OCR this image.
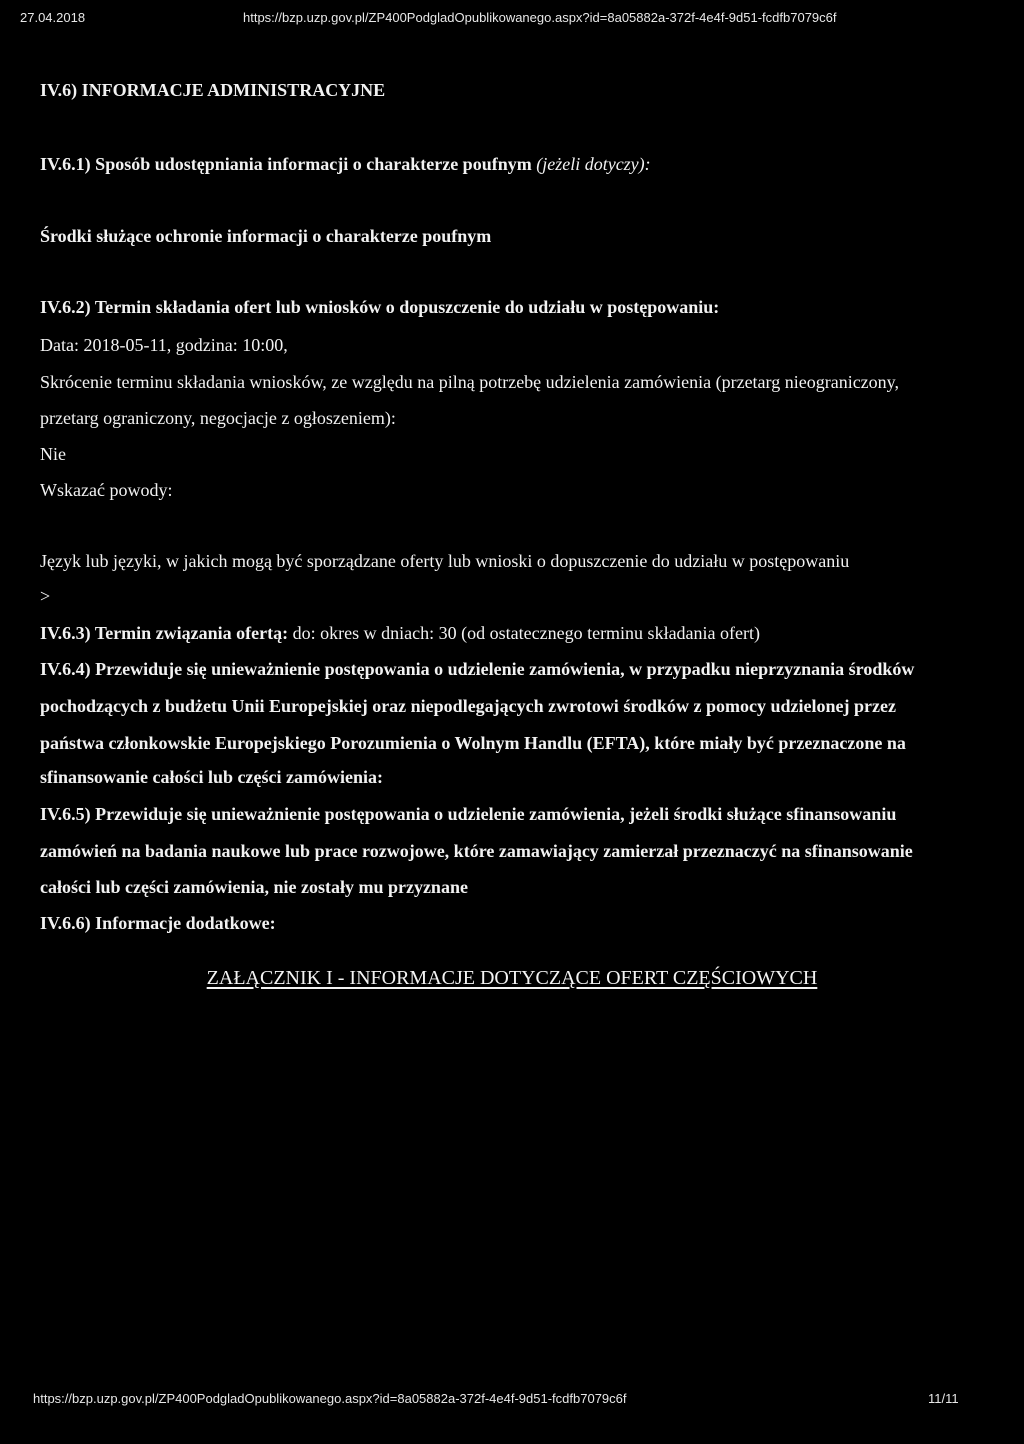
27.04.2018	https://bzp.uzp.gov.pl/ZP400PodgladOpublikowanego.aspx?id=8a05882a-372f-4e4f-9d51-fcdfb7079c6f
IV.6) INFORMACJE ADMINISTRACYJNE
IV.6.1) Sposób udostępniania informacji o charakterze poufnym (jeżeli dotyczy):
Środki służące ochronie informacji o charakterze poufnym
IV.6.2) Termin składania ofert lub wniosków o dopuszczenie do udziału w postępowaniu:
Data: 2018-05-11, godzina: 10:00,
Skrócenie terminu składania wniosków, ze względu na pilną potrzebę udzielenia zamówienia (przetarg nieograniczony,
przetarg ograniczony, negocjacje z ogłoszeniem):
Nie
Wskazać powody:
Język lub języki, w jakich mogą być sporządzane oferty lub wnioski o dopuszczenie do udziału w postępowaniu
>
IV.6.3) Termin związania ofertą: do: okres w dniach: 30 (od ostatecznego terminu składania ofert)
IV.6.4) Przewiduje się unieważnienie postępowania o udzielenie zamówienia, w przypadku nieprzyznania środków
pochodzących z budżetu Unii Europejskiej oraz niepodlegających zwrotowi środków z pomocy udzielonej przez
państwa członkowskie Europejskiego Porozumienia o Wolnym Handlu (EFTA), które miały być przeznaczone na
sfinansowanie całości lub części zamówienia:
IV.6.5) Przewiduje się unieważnienie postępowania o udzielenie zamówienia, jeżeli środki służące sfinansowaniu
zamówień na badania naukowe lub prace rozwojowe, które zamawiający zamierzał przeznaczyć na sfinansowanie
całości lub części zamówienia, nie zostały mu przyznane
IV.6.6) Informacje dodatkowe:
ZAŁĄCZNIK I - INFORMACJE DOTYCZĄCE OFERT CZĘŚCIOWYCH
https://bzp.uzp.gov.pl/ZP400PodgladOpublikowanego.aspx?id=8a05882a-372f-4e4f-9d51-fcdfb7079c6f	11/11
